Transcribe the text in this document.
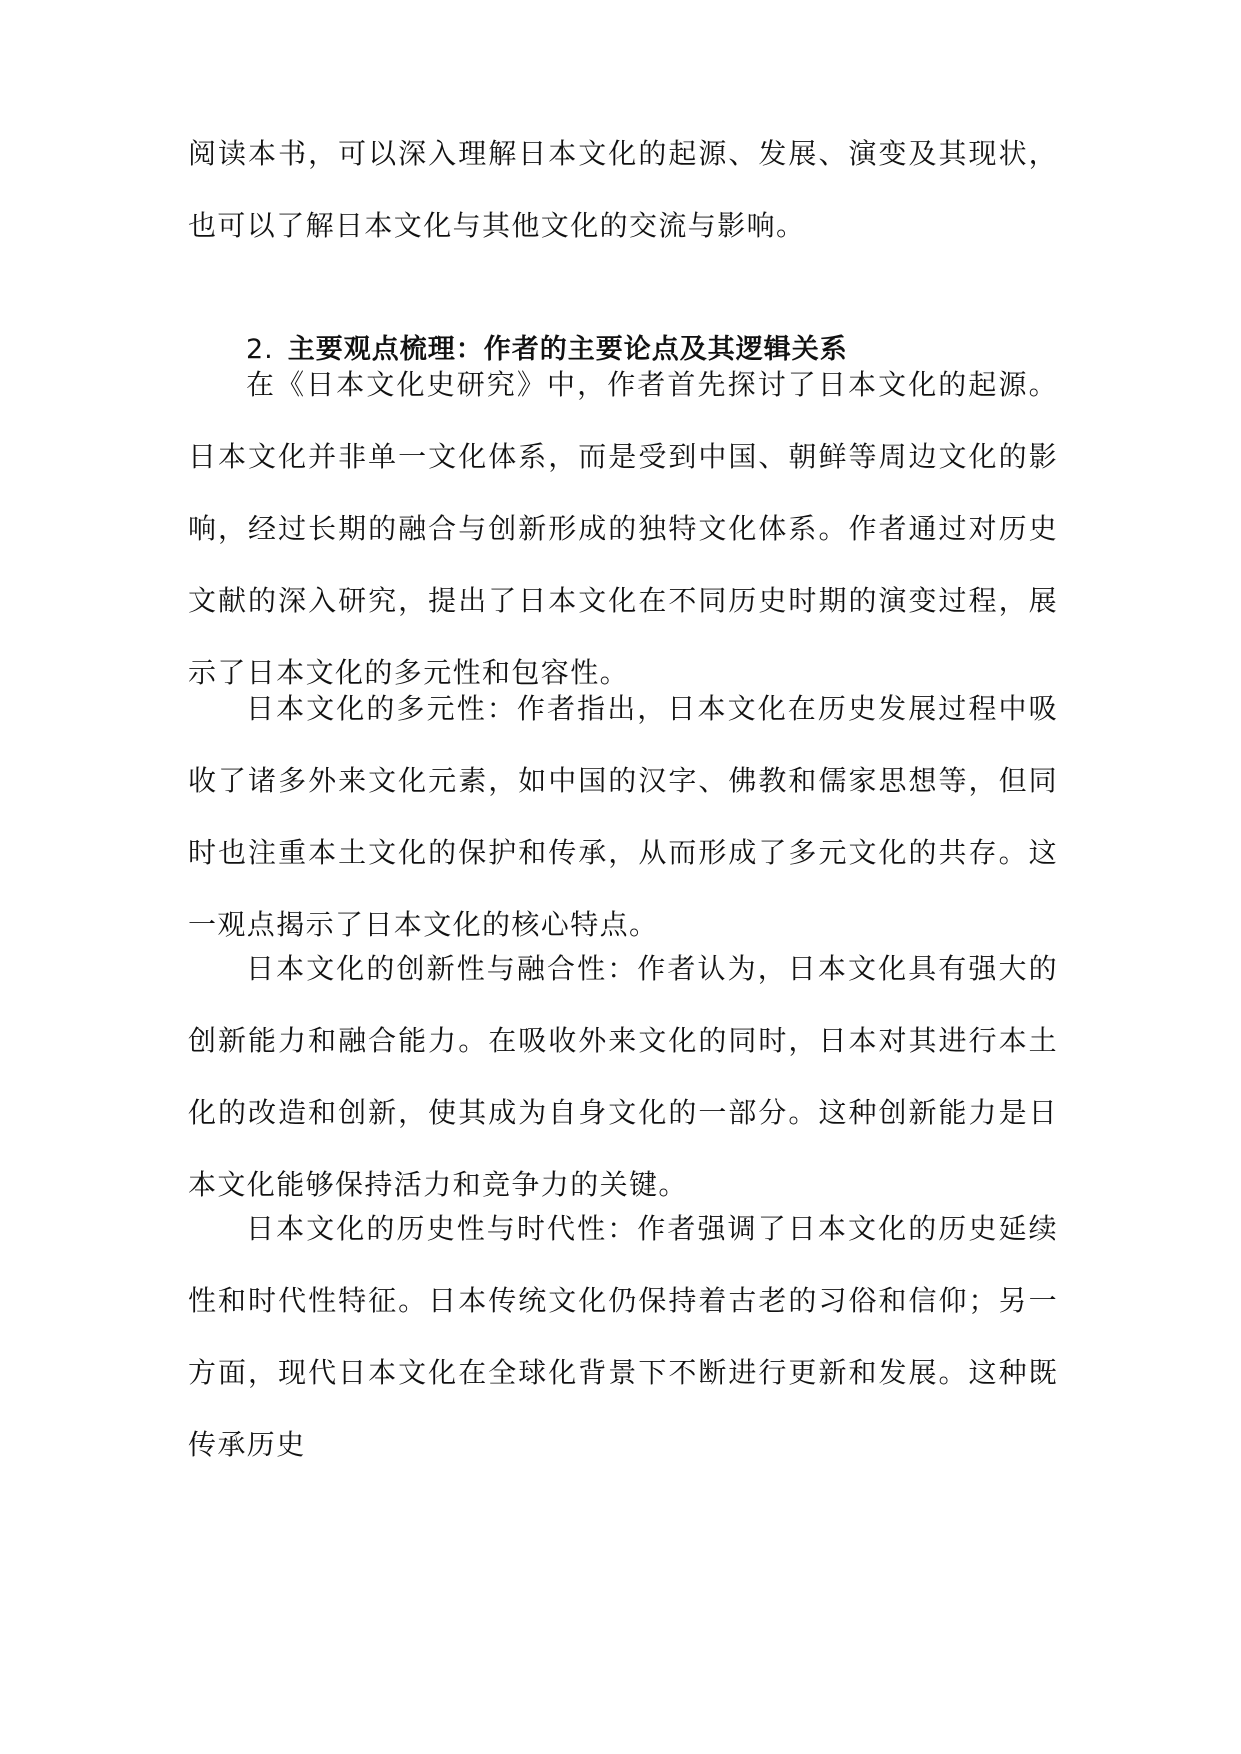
阅读本书，可以深入理解日本文化的起源、发展、演变及其现状，也可以了解日本文化与其他文化的交流与影响。

2. 主要观点梳理：作者的主要论点及其逻辑关系

在《日本文化史研究》中，作者首先探讨了日本文化的起源。日本文化并非单一文化体系，而是受到中国、朝鲜等周边文化的影响，经过长期的融合与创新形成的独特文化体系。作者通过对历史文献的深入研究，提出了日本文化在不同历史时期的演变过程，展示了日本文化的多元性和包容性。

日本文化的多元性：作者指出，日本文化在历史发展过程中吸收了诸多外来文化元素，如中国的汉字、佛教和儒家思想等，但同时也注重本土文化的保护和传承，从而形成了多元文化的共存。这一观点揭示了日本文化的核心特点。

日本文化的创新性与融合性：作者认为，日本文化具有强大的创新能力和融合能力。在吸收外来文化的同时，日本对其进行本土化的改造和创新，使其成为自身文化的一部分。这种创新能力是日本文化能够保持活力和竞争力的关键。

日本文化的历史性与时代性：作者强调了日本文化的历史延续性和时代性特征。日本传统文化仍保持着古老的习俗和信仰；另一方面，现代日本文化在全球化背景下不断进行更新和发展。这种既传承历史
